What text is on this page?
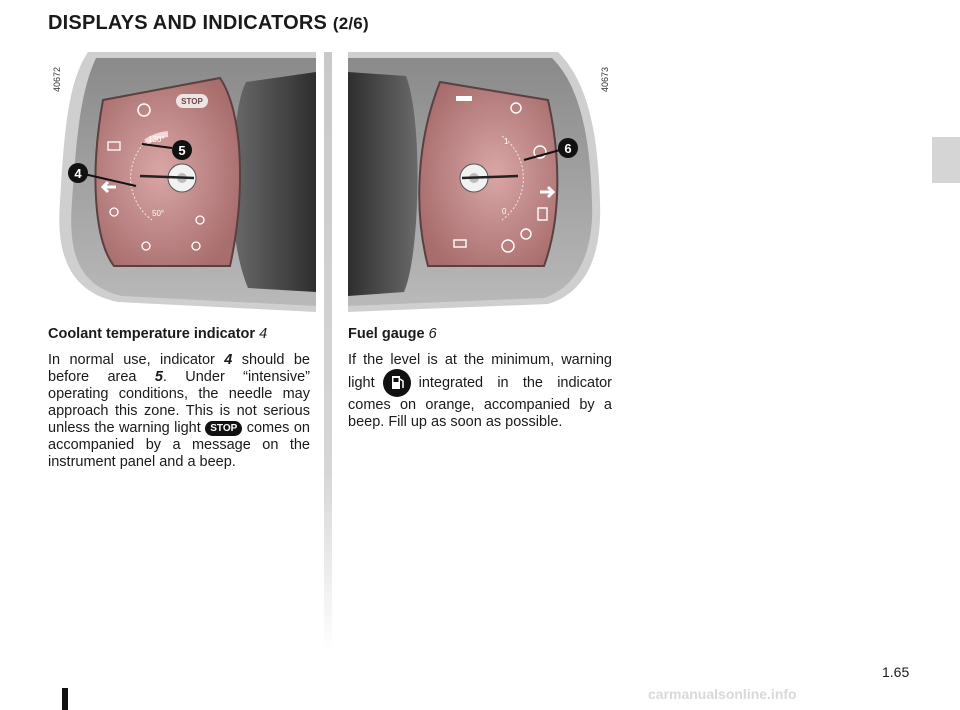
DISPLAYS AND INDICATORS (2/6)
STOP
130°
50°
5
4
40672
1
0
6
40673

Coolant temperature indicator 4

In normal use, indicator 4 should be before area 5. Under “intensive” operating conditions, the needle may approach this zone. This is not serious unless the warning light STOP comes on accompanied by a message on the instrument panel and a beep.

Fuel gauge 6

If the level is at the minimum, warning light	integrated in the indicator comes on orange, accompanied by a beep. Fill up as soon as possible.

1.65
carmanualsonline.info
